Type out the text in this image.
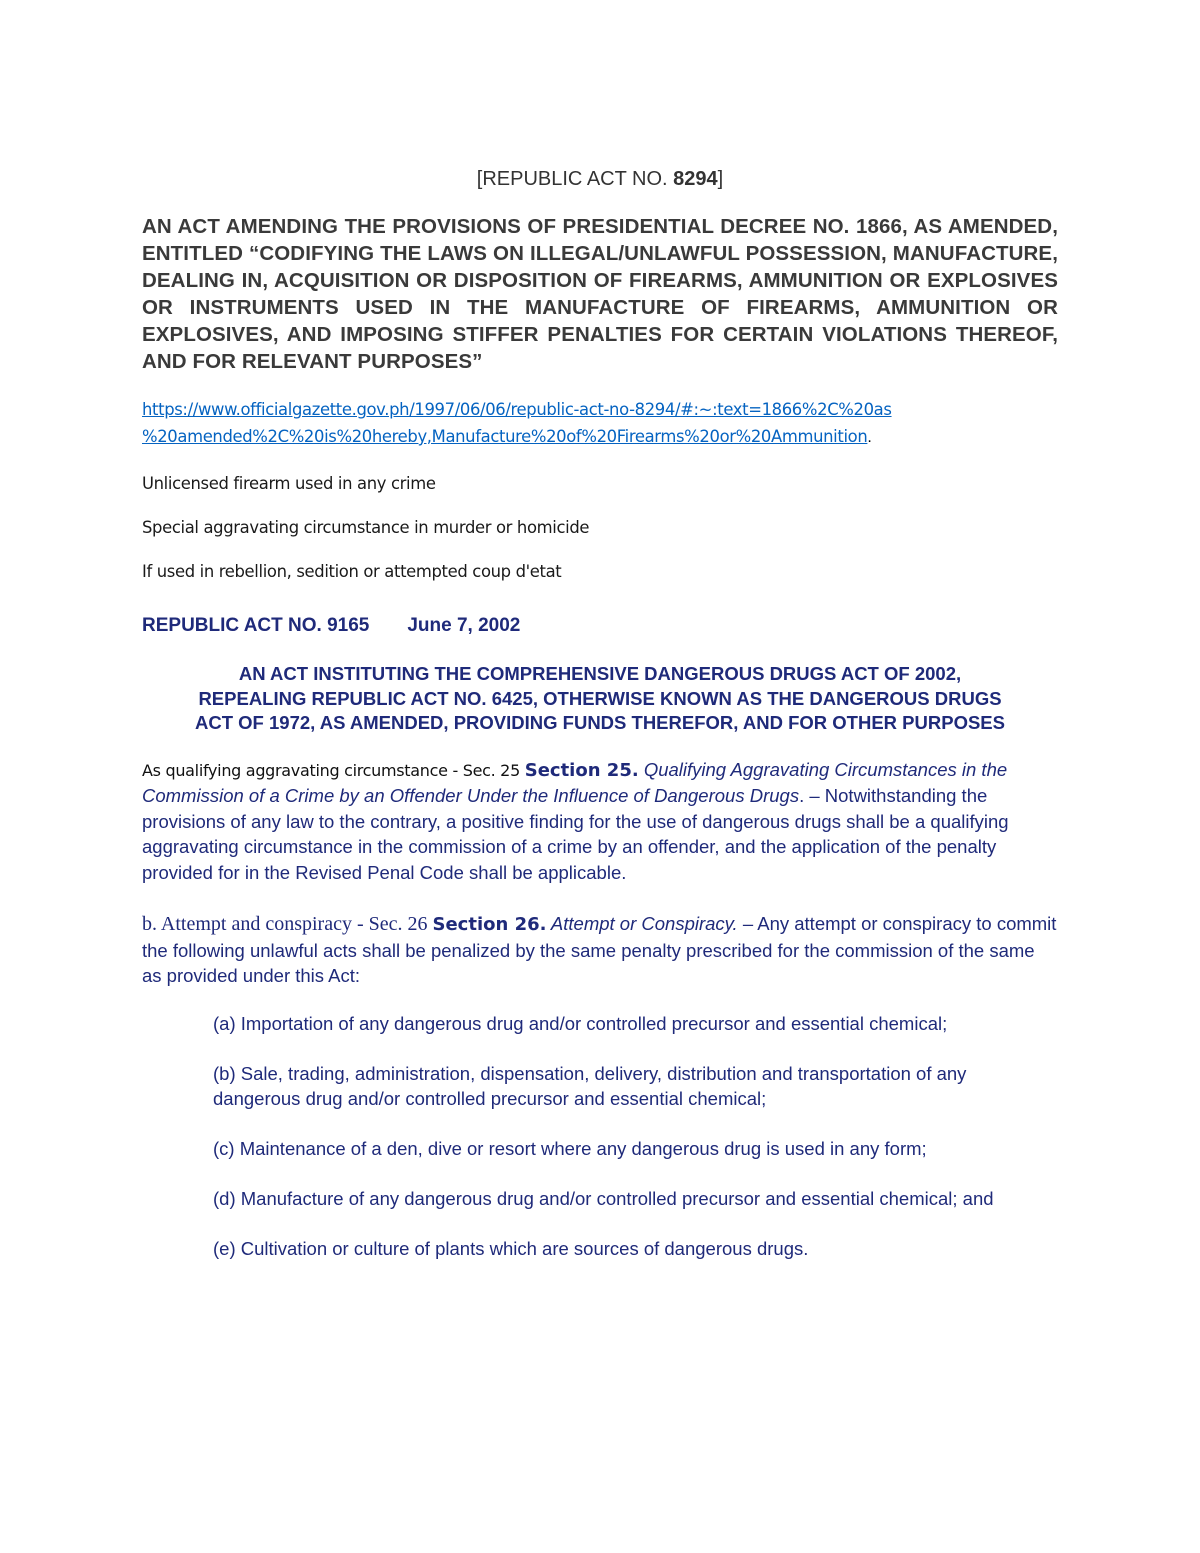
[REPUBLIC ACT NO. 8294]
AN ACT AMENDING THE PROVISIONS OF PRESIDENTIAL DECREE NO. 1866, AS AMENDED, ENTITLED “CODIFYING THE LAWS ON ILLEGAL/UNLAWFUL POSSESSION, MANUFACTURE, DEALING IN, ACQUISITION OR DISPOSITION OF FIREARMS, AMMUNITION OR EXPLOSIVES OR INSTRUMENTS USED IN THE MANUFACTURE OF FIREARMS, AMMUNITION OR EXPLOSIVES, AND IMPOSING STIFFER PENALTIES FOR CERTAIN VIOLATIONS THEREOF, AND FOR RELEVANT PURPOSES”
https://www.officialgazette.gov.ph/1997/06/06/republic-act-no-8294/#:~:text=1866%2C%20as
%20amended%2C%20is%20hereby,Manufacture%20of%20Firearms%20or%20Ammunition.
Unlicensed firearm used in any crime
Special aggravating circumstance in murder or homicide
If used in rebellion, sedition or attempted coup d'etat
REPUBLIC ACT NO. 9165 June 7, 2002
AN ACT INSTITUTING THE COMPREHENSIVE DANGEROUS DRUGS ACT OF 2002,
REPEALING REPUBLIC ACT NO. 6425, OTHERWISE KNOWN AS THE DANGEROUS DRUGS
ACT OF 1972, AS AMENDED, PROVIDING FUNDS THEREFOR, AND FOR OTHER PURPOSES
As qualifying aggravating circumstance - Sec. 25 Section 25. Qualifying Aggravating Circumstances in the Commission of a Crime by an Offender Under the Influence of Dangerous Drugs. – Notwithstanding the provisions of any law to the contrary, a positive finding for the use of dangerous drugs shall be a qualifying aggravating circumstance in the commission of a crime by an offender, and the application of the penalty provided for in the Revised Penal Code shall be applicable.
b. Attempt and conspiracy - Sec. 26 Section 26. Attempt or Conspiracy. – Any attempt or conspiracy to commit the following unlawful acts shall be penalized by the same penalty prescribed for the commission of the same as provided under this Act:
(a) Importation of any dangerous drug and/or controlled precursor and essential chemical;
(b) Sale, trading, administration, dispensation, delivery, distribution and transportation of any dangerous drug and/or controlled precursor and essential chemical;
(c) Maintenance of a den, dive or resort where any dangerous drug is used in any form;
(d) Manufacture of any dangerous drug and/or controlled precursor and essential chemical; and
(e) Cultivation or culture of plants which are sources of dangerous drugs.
